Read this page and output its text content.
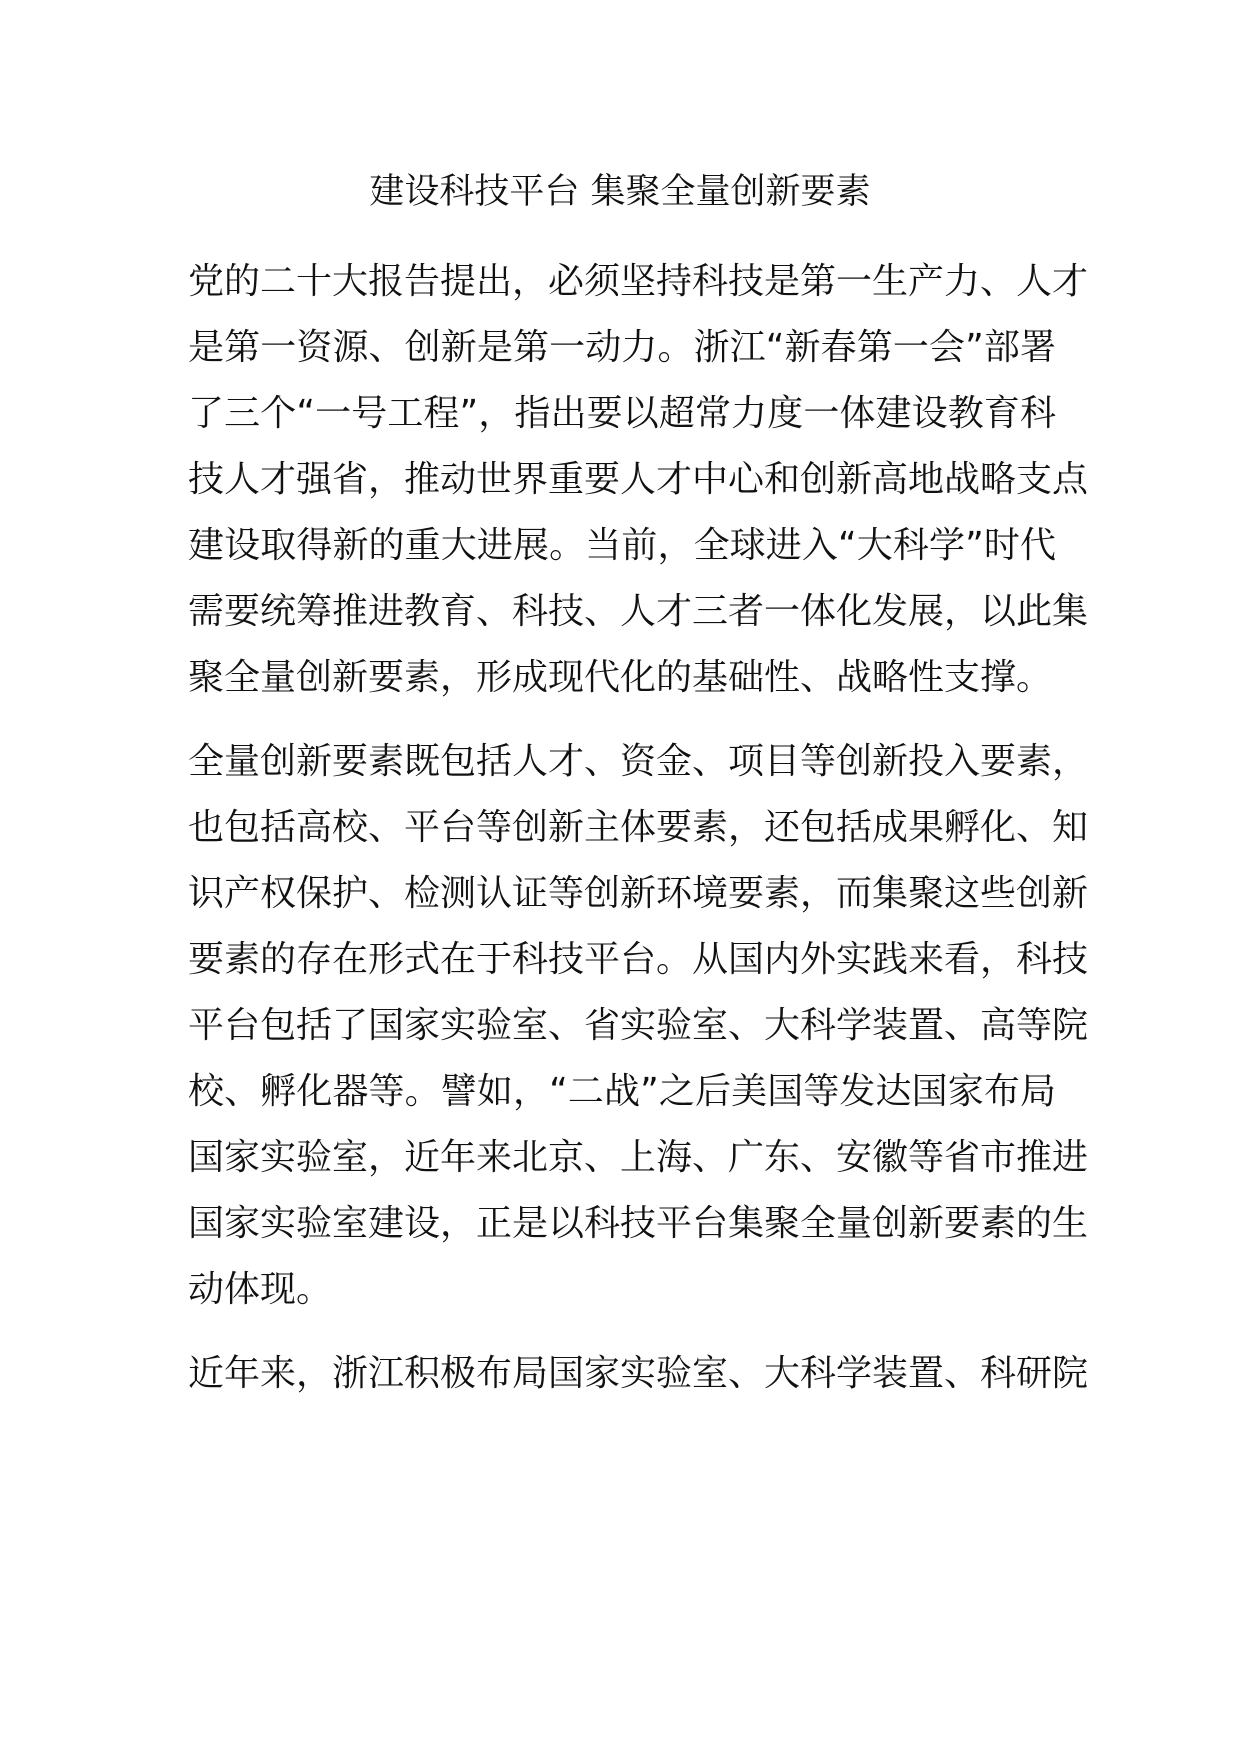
建设科技平台 集聚全量创新要素
党的二十大报告提出，必须坚持科技是第一生产力、人才
是第一资源、创新是第一动力。浙江“新春第一会”部署
了三个“一号工程”，指出要以超常力度一体建设教育科
技人才强省，推动世界重要人才中心和创新高地战略支点
建设取得新的重大进展。当前，全球进入“大科学”时代
需要统筹推进教育、科技、人才三者一体化发展，以此集
聚全量创新要素，形成现代化的基础性、战略性支撑。
全量创新要素既包括人才、资金、项目等创新投入要素，
也包括高校、平台等创新主体要素，还包括成果孵化、知
识产权保护、检测认证等创新环境要素，而集聚这些创新
要素的存在形式在于科技平台。从国内外实践来看，科技
平台包括了国家实验室、省实验室、大科学装置、高等院
校、孵化器等。譬如，“二战”之后美国等发达国家布局
国家实验室，近年来北京、上海、广东、安徽等省市推进
国家实验室建设，正是以科技平台集聚全量创新要素的生
动体现。
近年来，浙江积极布局国家实验室、大科学装置、科研院
